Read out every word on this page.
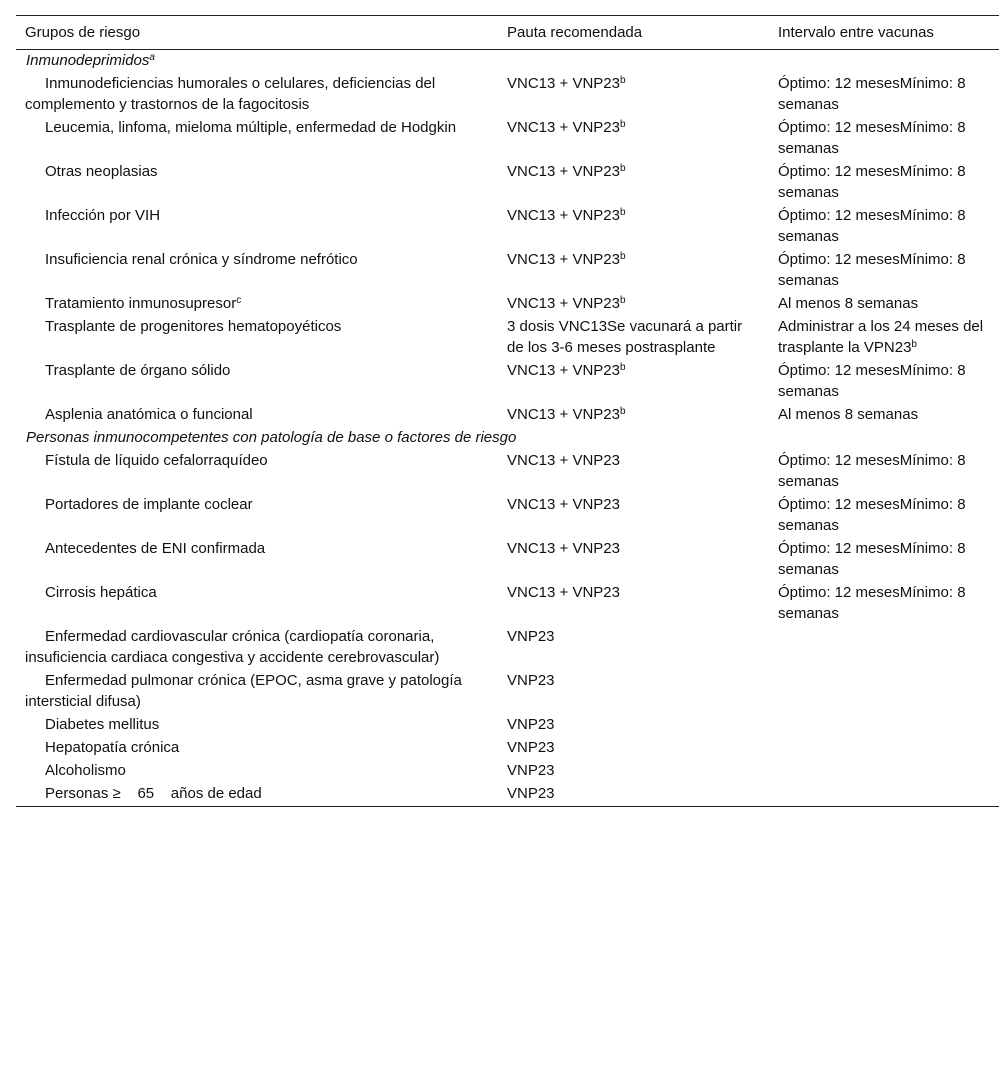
Grupos de riesgo	Pauta recomendada	Intervalo entre vacunas
Inmunodeprimidos$^a$
Inmunodeficiencias humorales o celulares, deficiencias del complemento y trastornos de la fagocitosis	$VNC13 + VNP23^b$	Óptimo: 12 mesesMínimo: 8 semanas
Leucemia, linfoma, mieloma múltiple, enfermedad de Hodgkin	$VNC13 + VNP23^b$	Óptimo: 12 mesesMínimo: 8 semanas
Otras neoplasias	$VNC13 + VNP23^b$	Óptimo: 12 mesesMínimo: 8 semanas
Infección por VIH	$VNC13 + VNP23^b$	Óptimo: 12 mesesMínimo: 8 semanas
Insuficiencia renal crónica y síndrome nefrótico	$VNC13 + VNP23^b$	Óptimo: 12 mesesMínimo: 8 semanas
Tratamiento inmunosupresor$^c$	$VNC13 + VNP23^b$	Al menos 8 semanas
Trasplante de progenitores hematopoyéticos	3 dosis VNC13Se vacunará a partir de los 3-6 meses postrasplante	Administrar a los 24 meses del trasplante la VPN23$^b$
Trasplante de órgano sólido	$VNC13 + VNP23^b$	Óptimo: 12 mesesMínimo: 8 semanas
Asplenia anatómica o funcional	$VNC13 + VNP23^b$	Al menos 8 semanas
Personas inmunocompetentes con patología de base o factores de riesgo		
Fístula de líquido cefalorraquídeo	VNC13 + VNP23	Óptimo: 12 mesesMínimo: 8 semanas
Portadores de implante coclear	VNC13 + VNP23	Óptimo: 12 mesesMínimo: 8 semanas
Antecedentes de ENI confirmada	VNC13 + VNP23	Óptimo: 12 mesesMínimo: 8 semanas
Cirrosis hepática	VNC13 + VNP23	Óptimo: 12 mesesMínimo: 8 semanas
Enfermedad cardiovascular crónica (cardiopatía coronaria, insuficiencia cardiaca congestiva y accidente cerebrovascular)	VNP23	
Enfermedad pulmonar crónica (EPOC, asma grave y patología intersticial difusa)	VNP23	
Diabetes mellitus	VNP23	
Hepatopatía crónica	VNP23	
Alcoholismo	VNP23	
Personas ≥    65    años de edad	VNP23	
